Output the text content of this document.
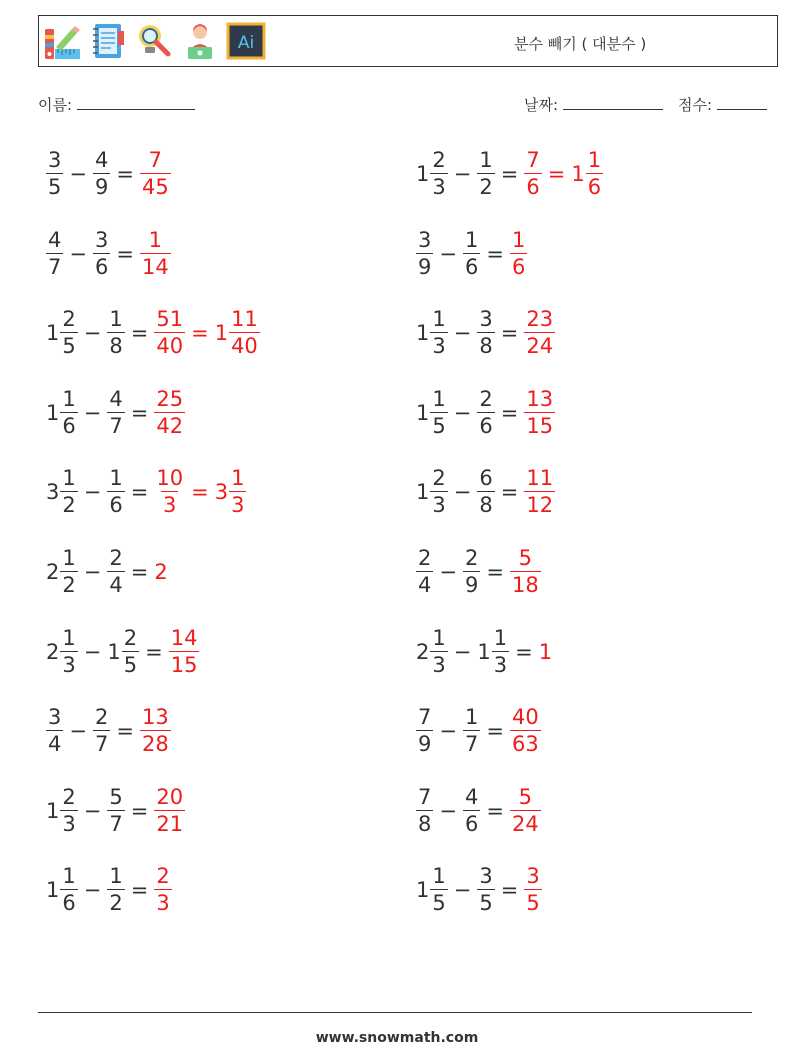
Ai	분수 빼기 ( 대분수 )
이름:	날짜:	점수:
$\frac{3}{5} - \frac{4}{9} = \frac{7}{45}$	$1 \frac{2}{3} - \frac{1}{2} = \frac{7}{6} = 1 \frac{1}{6}$
$\frac{4}{7} - \frac{3}{6} = \frac{1}{14}$	$\frac{3}{9} - \frac{1}{6} = \frac{1}{6}$
$1 \frac{2}{5} - \frac{1}{8} = \frac{51}{40} = 1 \frac{11}{40}$	$1 \frac{1}{3} - \frac{3}{8} = \frac{23}{24}$
$1 \frac{1}{6} - \frac{4}{7} = \frac{25}{42}$	$1 \frac{1}{5} - \frac{2}{6} = \frac{13}{15}$
$3 \frac{1}{2} - \frac{1}{6} = \frac{10}{3} = 3 \frac{1}{3}$	$1 \frac{2}{3} - \frac{6}{8} = \frac{11}{12}$
$2 \frac{1}{2} - \frac{2}{4} = 2$	$\frac{2}{4} - \frac{2}{9} = \frac{5}{18}$
$2 \frac{1}{3} - 1 \frac{2}{5} = \frac{14}{15}$	$2 \frac{1}{3} - 1 \frac{1}{3} = 1$
$\frac{3}{4} - \frac{2}{7} = \frac{13}{28}$	$\frac{7}{9} - \frac{1}{7} = \frac{40}{63}$
$1 \frac{2}{3} - \frac{5}{7} = \frac{20}{21}$	$\frac{7}{8} - \frac{4}{6} = \frac{5}{24}$
$1 \frac{1}{6} - \frac{1}{2} = \frac{2}{3}$	$1 \frac{1}{5} - \frac{3}{5} = \frac{3}{5}$
www.snowmath.com
